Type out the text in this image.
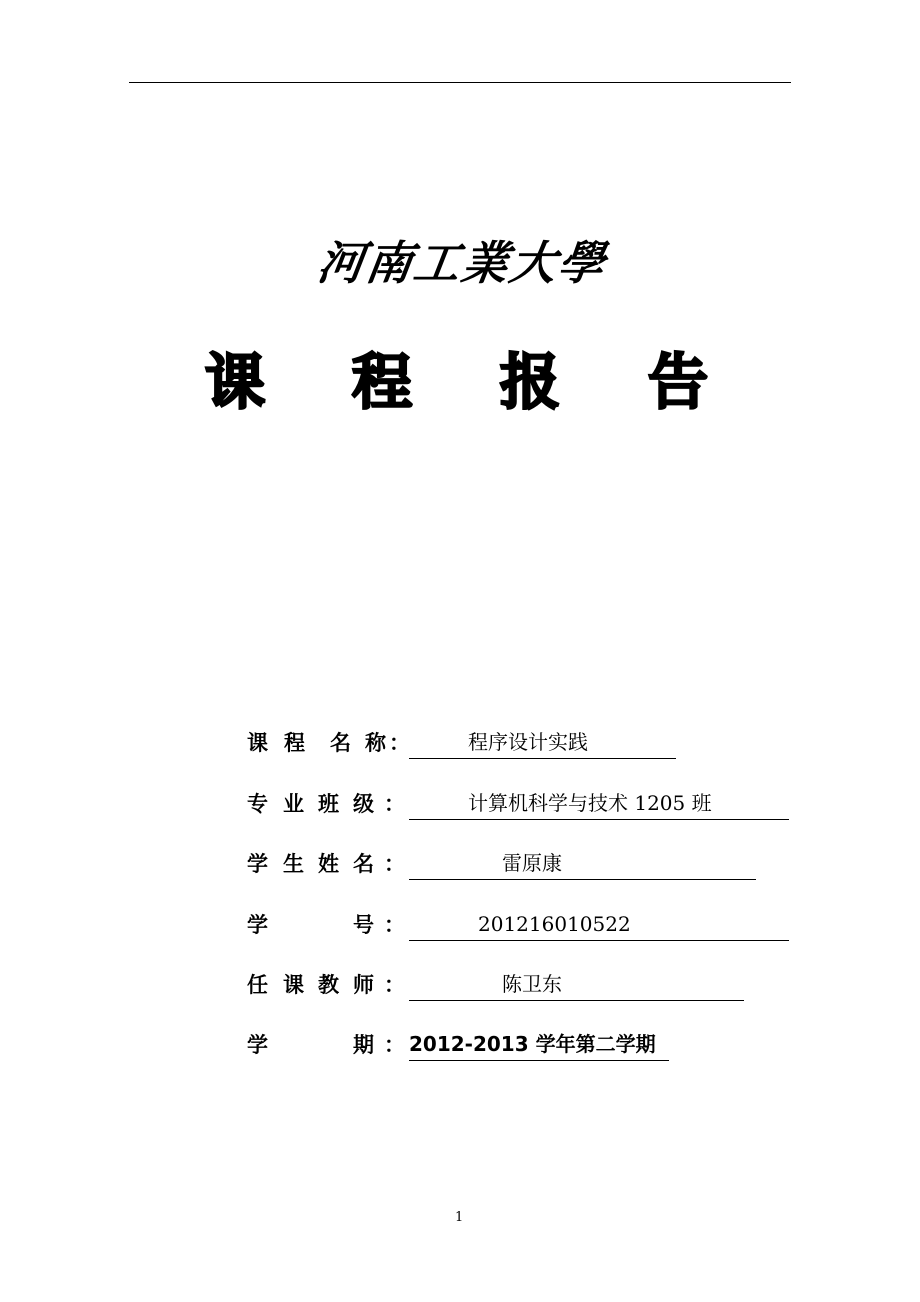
河南工業大學
课 程 报 告
课 程 名 称 ：	程序设计实践
专 业 班 级 ：	计算机科学与技术 1205 班
学 生 姓 名 ：	雷原康
学	号 ：	201216010522
任 课 教 师 ：	陈卫东
学	期 ： 2012-2013 学年第二学期
1
